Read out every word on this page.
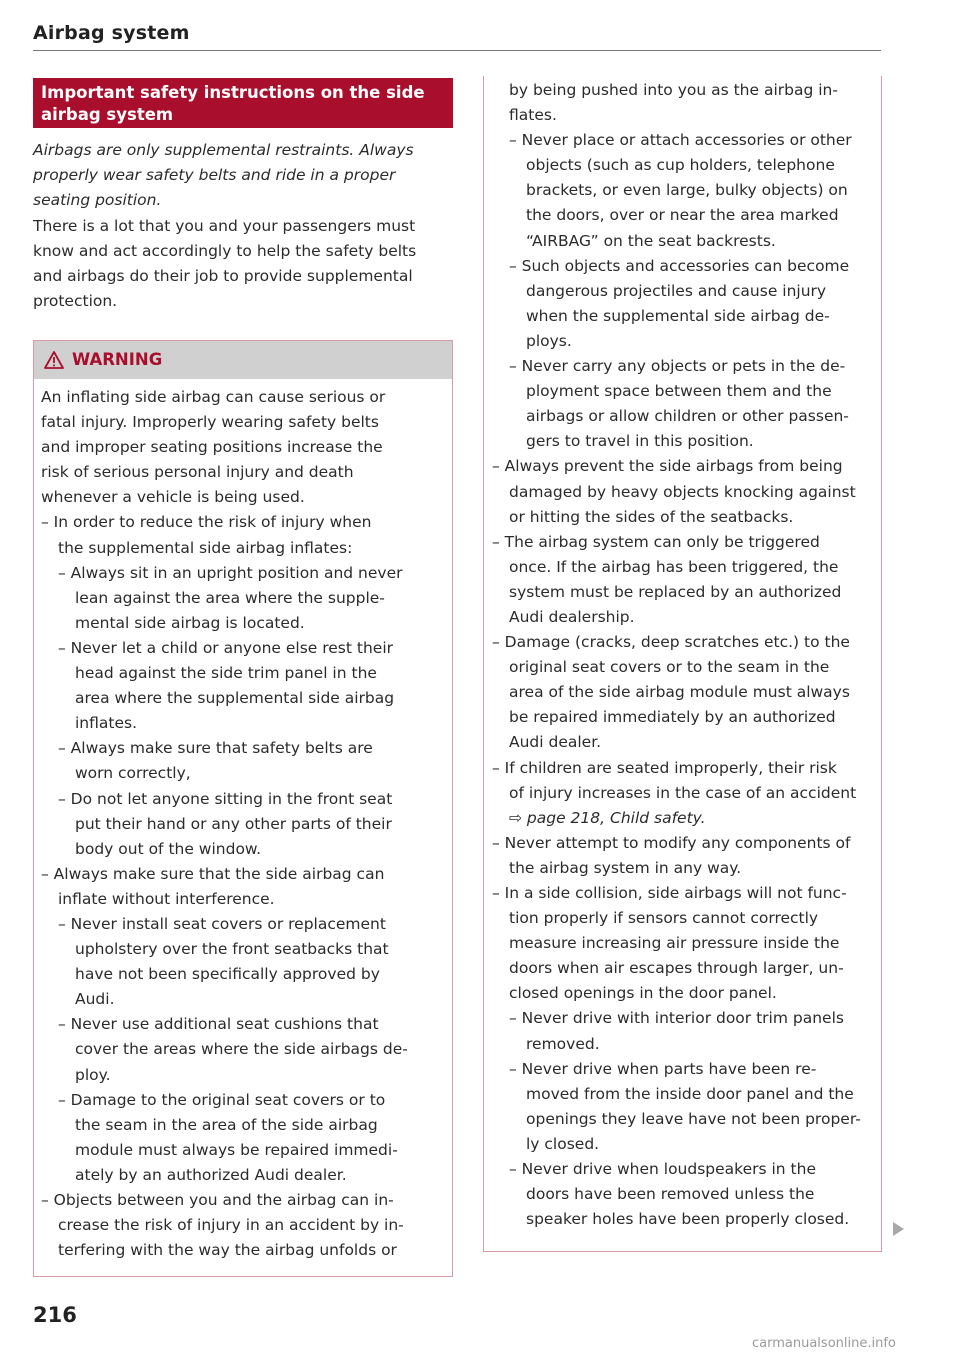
Airbag system
Important safety instructions on the side
airbag system
Airbags are only supplemental restraints. Always
properly wear safety belts and ride in a proper
seating position.
There is a lot that you and your passengers must
know and act accordingly to help the safety belts
and airbags do their job to provide supplemental
protection.
WARNING

An inflating side airbag can cause serious or

fatal injury. Improperly wearing safety belts

and improper seating positions increase the

risk of serious personal injury and death

whenever a vehicle is being used.

– In order to reduce the risk of injury when

the supplemental side airbag inflates:

– Always sit in an upright position and never

lean against the area where the supple-

mental side airbag is located.

– Never let a child or anyone else rest their

head against the side trim panel in the

area where the supplemental side airbag

inflates.

– Always make sure that safety belts are

worn correctly,

– Do not let anyone sitting in the front seat

put their hand or any other parts of their

body out of the window.

– Always make sure that the side airbag can

inflate without interference.

– Never install seat covers or replacement

upholstery over the front seatbacks that

have not been specifically approved by

Audi.

– Never use additional seat cushions that

cover the areas where the side airbags de-

ploy.

– Damage to the original seat covers or to

the seam in the area of the side airbag

module must always be repaired immedi-

ately by an authorized Audi dealer.

– Objects between you and the airbag can in-

crease the risk of injury in an accident by in-

terfering with the way the airbag unfolds or

by being pushed into you as the airbag in-

flates.

– Never place or attach accessories or other

objects (such as cup holders, telephone

brackets, or even large, bulky objects) on

the doors, over or near the area marked

“AIRBAG” on the seat backrests.

– Such objects and accessories can become

dangerous projectiles and cause injury

when the supplemental side airbag de-

ploys.

– Never carry any objects or pets in the de-

ployment space between them and the

airbags or allow children or other passen-

gers to travel in this position.

– Always prevent the side airbags from being

damaged by heavy objects knocking against

or hitting the sides of the seatbacks.

– The airbag system can only be triggered

once. If the airbag has been triggered, the

system must be replaced by an authorized

Audi dealership.

– Damage (cracks, deep scratches etc.) to the

original seat covers or to the seam in the

area of the side airbag module must always

be repaired immediately by an authorized

Audi dealer.

– If children are seated improperly, their risk

of injury increases in the case of an accident

⇨ page 218, Child safety.

– Never attempt to modify any components of

the airbag system in any way.

– In a side collision, side airbags will not func-

tion properly if sensors cannot correctly

measure increasing air pressure inside the

doors when air escapes through larger, un-

closed openings in the door panel.

– Never drive with interior door trim panels

removed.

– Never drive when parts have been re-

moved from the inside door panel and the

openings they leave have not been proper-

ly closed.

– Never drive when loudspeakers in the

doors have been removed unless the

speaker holes have been properly closed.

216
carmanualsonline.info
